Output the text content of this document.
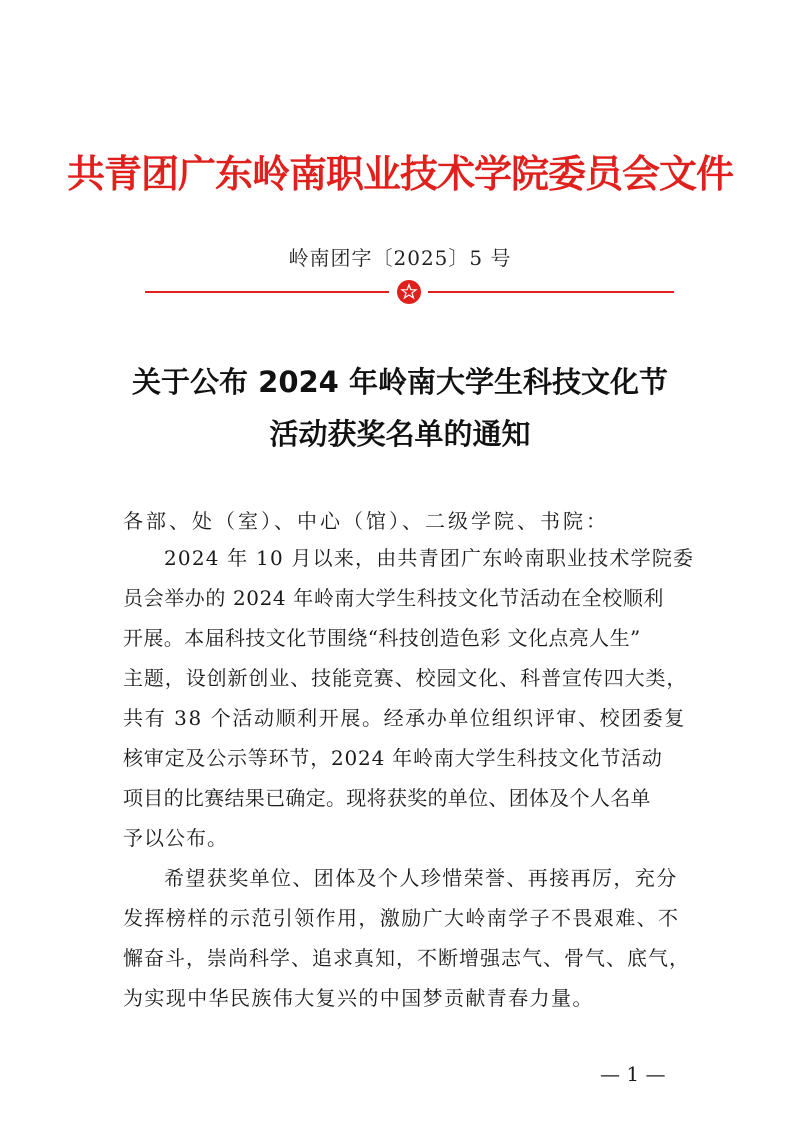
共青团广东岭南职业技术学院委员会文件
岭南团字〔2025〕5 号
关于公布 2024 年岭南大学生科技文化节
活动获奖名单的通知
各部、处（室）、中心（馆）、二级学院、书院：
2024 年 10 月以来，由共青团广东岭南职业技术学院委
员会举办的 2024 年岭南大学生科技文化节活动在全校顺利
开展。本届科技文化节围绕“科技创造色彩 文化点亮人生”
主题，设创新创业、技能竞赛、校园文化、科普宣传四大类，
共有 38 个活动顺利开展。经承办单位组织评审、校团委复
核审定及公示等环节，2024 年岭南大学生科技文化节活动
项目的比赛结果已确定。现将获奖的单位、团体及个人名单
予以公布。
希望获奖单位、团体及个人珍惜荣誉、再接再厉，充分
发挥榜样的示范引领作用，激励广大岭南学子不畏艰难、不
懈奋斗，崇尚科学、追求真知，不断增强志气、骨气、底气，
为实现中华民族伟大复兴的中国梦贡献青春力量。
— 1 —
